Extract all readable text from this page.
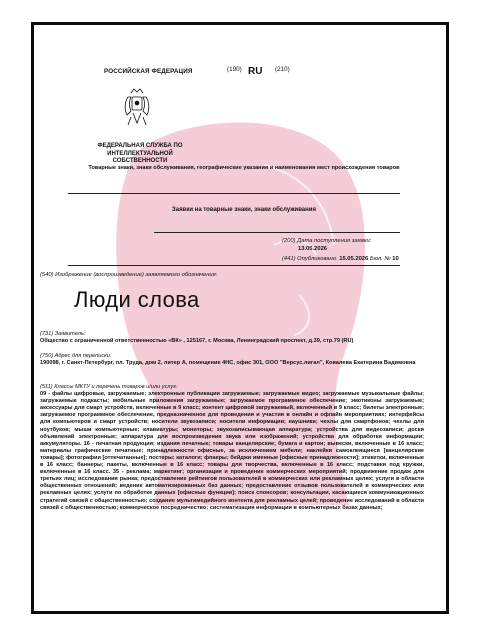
РОССИЙСКАЯ ФЕДЕРАЦИЯ	(190) RU (210)
ФЕДЕРАЛЬНАЯ СЛУЖБА ПО ИНТЕЛЛЕКТУАЛЬНОЙ СОБСТВЕННОСТИ
Товарные знаки, знаки обслуживания, географические указания и наименования мест происхождения товаров
Заявки на товарные знаки, знаки обслуживания
(200) Дата поступления заявки:
13.05.2026
(441) Опубликовано: 15.05.2026 Бюл. № 10
(540) Изображение (воспроизведение) заявляемого обозначения:
Люди слова
(731) Заявитель:
Общество с ограниченной ответственностью «ВК» , 125167, г. Москва, Ленинградский проспект, д.39, стр.79 (RU)
(750) Адрес для переписки:
190098, г. Санкт-Петербург, пл. Труда, дом 2, литер А, помещение 4НС, офис 301, ООО "Версус.лигал", Ковалева Екатерина Вадимовна
(511) Классы МКТУ и перечень товаров и/или услуг:
09 - файлы цифровые, загружаемые; электронные публикации загружаемые; загружаемые видео; загружаемые музыкальные файлы; загружаемые подкасты; мобильные приложения загружаемые; загружаемое программное обеспечение; эмотиконы загружаемые; аксессуары для смарт устройств, включенные в 9 класс; контент цифровой загружаемый, включенный в 9 класс; билеты электронные; загружаемое программное обеспечение, предназначенное для проведения и участия в онлайн и офлайн мероприятиях; интерфейсы для компьютеров и смарт устройств; носители звукозаписи; носители информации; наушники; чехлы для смартфонов; чехлы для ноутбуков; мыши компьютерные; клавиатуры; мониторы; звукозаписывающая аппаратура; устройства для видеозаписи; доски объявлений электронные; аппаратура для воспроизведения звука или изображений; устройства для обработки информации; аккумуляторы. 16 - печатная продукция; издания печатные; товары канцелярские; бумага и картон; вывески, включенные в 16 класс; материалы графические печатные; принадлежности офисные, за исключением мебели; наклейки самоклеящиеся [канцелярские товары]; фотографии [отпечатанные]; постеры; каталоги; флаеры; бейджи именные [офисные принадлежности]; этикетки, включенные в 16 класс; баннеры; пакеты, включенные в 16 класс; товары для творчества, включенные в 16 класс; подставки под кружки, включенные в 16 класс. 35 - реклама; маркетинг; организация и проведение коммерческих мероприятий; продвижение продаж для третьих лиц; исследования рынка; предоставление рейтингов пользователей в коммерческих или рекламных целях; услуги в области общественных отношений; ведение автоматизированных баз данных; предоставление отзывов пользователей в коммерческих или рекламных целях; услуги по обработке данных [офисные функции]; поиск спонсоров; консультации, касающиеся коммуникационных стратегий связей с общественностью; создание мультимедийного контента для рекламных целей; проведение исследований в области связей с общественностью; коммерческое посредничество; систематизация информации в компьютерных базах данных;
